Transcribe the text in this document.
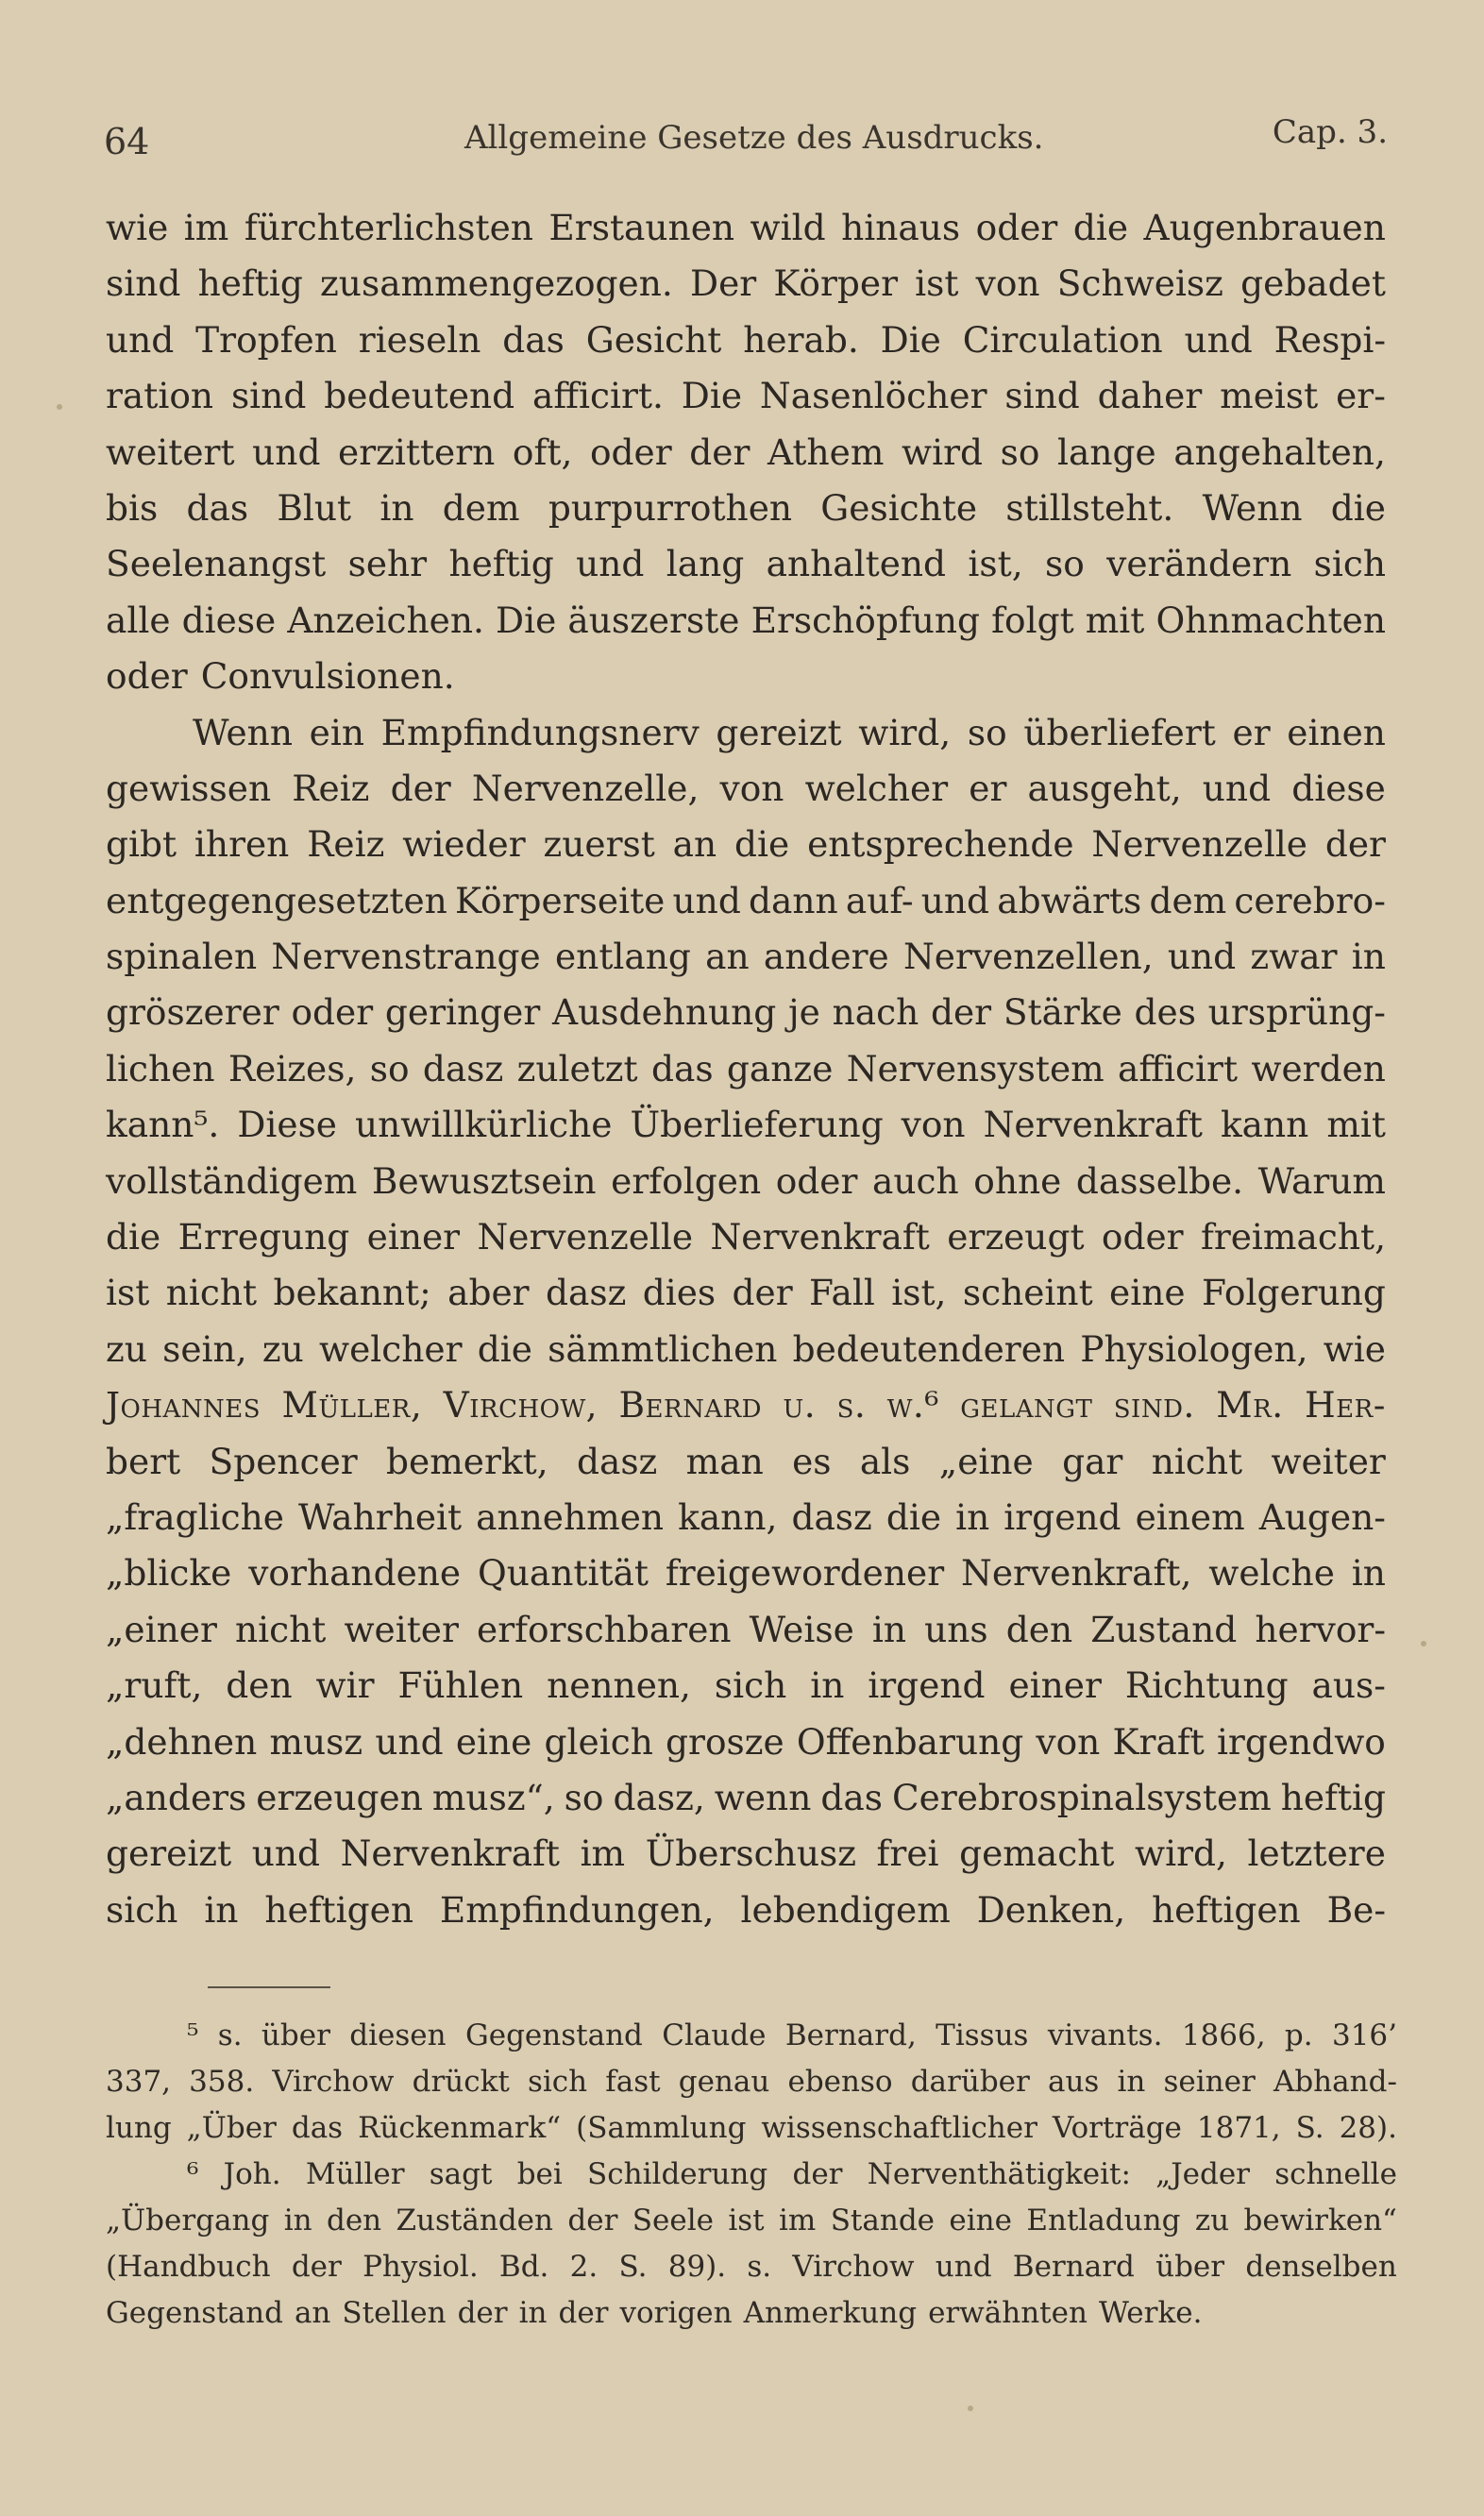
64	Allgemeine Gesetze des Ausdrucks.	Cap. 3.
wie im fürchterlichsten Erstaunen wild hinaus oder die Augenbrauen
sind heftig zusammengezogen. Der Körper ist von Schweisz gebadet
und Tropfen rieseln das Gesicht herab. Die Circulation und Respi-
ration sind bedeutend afficirt. Die Nasenlöcher sind daher meist er-
weitert und erzittern oft, oder der Athem wird so lange angehalten,
bis das Blut in dem purpurrothen Gesichte stillsteht. Wenn die
Seelenangst sehr heftig und lang anhaltend ist, so verändern sich
alle diese Anzeichen. Die äuszerste Erschöpfung folgt mit Ohnmachten
oder Convulsionen.
Wenn ein Empfindungsnerv gereizt wird, so überliefert er einen
gewissen Reiz der Nervenzelle, von welcher er ausgeht, und diese
gibt ihren Reiz wieder zuerst an die entsprechende Nervenzelle der
entgegengesetzten Körperseite und dann auf- und abwärts dem cerebro-
spinalen Nervenstrange entlang an andere Nervenzellen, und zwar in
gröszerer oder geringer Ausdehnung je nach der Stärke des ursprüng-
lichen Reizes, so dasz zuletzt das ganze Nervensystem afficirt werden
kann⁵. Diese unwillkürliche Überlieferung von Nervenkraft kann mit
vollständigem Bewusztsein erfolgen oder auch ohne dasselbe. Warum
die Erregung einer Nervenzelle Nervenkraft erzeugt oder freimacht,
ist nicht bekannt; aber dasz dies der Fall ist, scheint eine Folgerung
zu sein, zu welcher die sämmtlichen bedeutenderen Physiologen, wie
Johannes Müller, Virchow, Bernard u. s. w.⁶ gelangt sind. Mr. Her-
bert Spencer bemerkt, dasz man es als „eine gar nicht weiter
„fragliche Wahrheit annehmen kann, dasz die in irgend einem Augen-
„blicke vorhandene Quantität freigewordener Nervenkraft, welche in
„einer nicht weiter erforschbaren Weise in uns den Zustand hervor-
„ruft, den wir Fühlen nennen, sich in irgend einer Richtung aus-
„dehnen musz und eine gleich grosze Offenbarung von Kraft irgendwo
„anders erzeugen musz“, so dasz, wenn das Cerebrospinalsystem heftig
gereizt und Nervenkraft im Überschusz frei gemacht wird, letztere
sich in heftigen Empfindungen, lebendigem Denken, heftigen Be-
⁵ s. über diesen Gegenstand Claude Bernard, Tissus vivants. 1866, p. 316’
337, 358. Virchow drückt sich fast genau ebenso darüber aus in seiner Abhand-
lung „Über das Rückenmark“ (Sammlung wissenschaftlicher Vorträge 1871, S. 28).
⁶ Joh. Müller sagt bei Schilderung der Nerventhätigkeit: „Jeder schnelle
„Übergang in den Zuständen der Seele ist im Stande eine Entladung zu bewirken“
(Handbuch der Physiol. Bd. 2. S. 89). s. Virchow und Bernard über denselben
Gegenstand an Stellen der in der vorigen Anmerkung erwähnten Werke.
